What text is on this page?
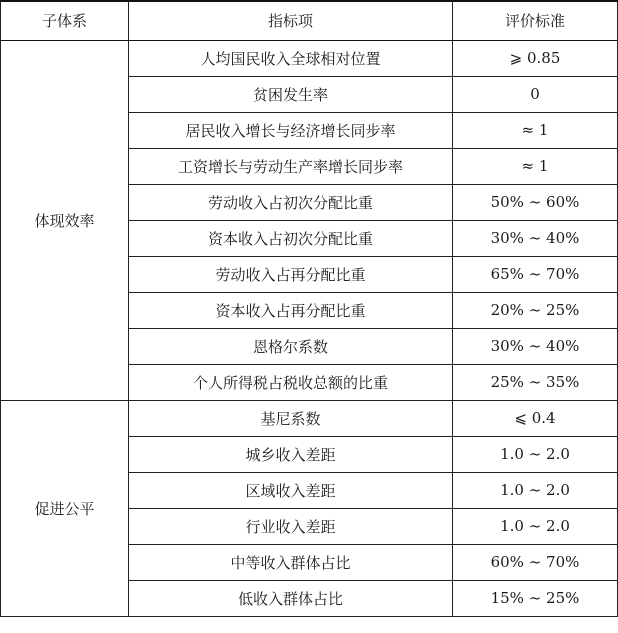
子体系	指标项	评价标准
体现效率	人均国民收入全球相对位置	⩾ 0.85
	贫困发生率	0
	居民收入增长与经济增长同步率	≈ 1
	工资增长与劳动生产率增长同步率	≈ 1
	劳动收入占初次分配比重	50% ~ 60%
	资本收入占初次分配比重	30% ~ 40%
	劳动收入占再分配比重	65% ~ 70%
	资本收入占再分配比重	20% ~ 25%
	恩格尔系数	30% ~ 40%
	个人所得税占税收总额的比重	25% ~ 35%
促进公平	基尼系数	⩽ 0.4
	城乡收入差距	1.0 ~ 2.0
	区域收入差距	1.0 ~ 2.0
	行业收入差距	1.0 ~ 2.0
	中等收入群体占比	60% ~ 70%
	低收入群体占比	15% ~ 25%
